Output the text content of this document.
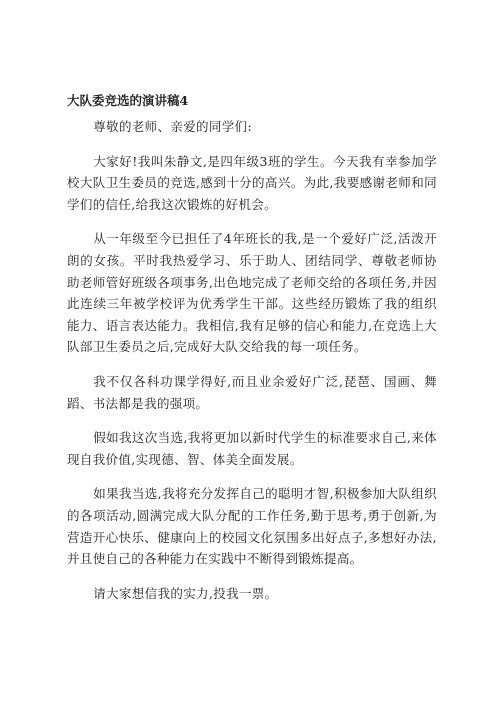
大队委竞选的演讲稿4

尊敬的老师、亲爱的同学们:

大家好!我叫朱静文,是四年级3班的学生。今天我有幸参加学校大队卫生委员的竞选,感到十分的高兴。为此,我要感谢老师和同学们的信任,给我这次锻炼的好机会。

从一年级至今已担任了4年班长的我,是一个爱好广泛,活泼开朗的女孩。平时我热爱学习、乐于助人、团结同学、尊敬老师协助老师管好班级各项事务,出色地完成了老师交给的各项任务,并因此连续三年被学校评为优秀学生干部。这些经历锻炼了我的组织能力、语言表达能力。我相信,我有足够的信心和能力,在竞选上大队部卫生委员之后,完成好大队交给我的每一项任务。

我不仅各科功课学得好,而且业余爱好广泛,琵琶、国画、舞蹈、书法都是我的强项。

假如我这次当选,我将更加以新时代学生的标准要求自己,来体现自我价值,实现德、智、体美全面发展。

如果我当选,我将充分发挥自己的聪明才智,积极参加大队组织的各项活动,圆满完成大队分配的工作任务,勤于思考,勇于创新,为营造开心快乐、健康向上的校园文化氛围多出好点子,多想好办法,并且使自己的各种能力在实践中不断得到锻炼提高。

请大家想信我的实力,投我一票。
